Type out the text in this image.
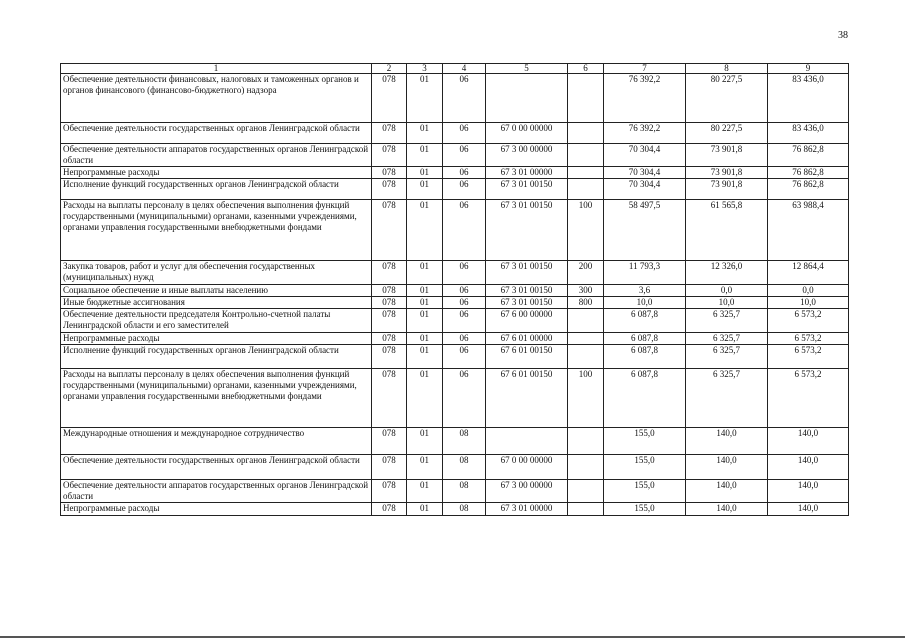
38
1	2	3	4	5	6	7	8	9
Обеспечение деятельности финансовых, налоговых и таможенных органов и органов финансового (финансово-бюджетного) надзора	078	01	06			76 392,2	80 227,5	83 436,0
Обеспечение деятельности государственных органов Ленинградской области	078	01	06	67 0 00 00000		76 392,2	80 227,5	83 436,0
Обеспечение деятельности аппаратов государственных органов Ленинградской области	078	01	06	67 3 00 00000		70 304,4	73 901,8	76 862,8
Непрограммные расходы	078	01	06	67 3 01 00000		70 304,4	73 901,8	76 862,8
Исполнение функций государственных органов Ленинградской области	078	01	06	67 3 01 00150		70 304,4	73 901,8	76 862,8
Расходы на выплаты персоналу в целях обеспечения выполнения функций государственными (муниципальными) органами, казенными учреждениями, органами управления государственными внебюджетными фондами	078	01	06	67 3 01 00150	100	58 497,5	61 565,8	63 988,4
Закупка товаров, работ и услуг для обеспечения государственных (муниципальных) нужд	078	01	06	67 3 01 00150	200	11 793,3	12 326,0	12 864,4
Социальное обеспечение и иные выплаты населению	078	01	06	67 3 01 00150	300	3,6	0,0	0,0
Иные бюджетные ассигнования	078	01	06	67 3 01 00150	800	10,0	10,0	10,0
Обеспечение деятельности председателя Контрольно-счетной палаты Ленинградской области и его заместителей	078	01	06	67 6 00 00000		6 087,8	6 325,7	6 573,2
Непрограммные расходы	078	01	06	67 6 01 00000		6 087,8	6 325,7	6 573,2
Исполнение функций государственных органов Ленинградской области	078	01	06	67 6 01 00150		6 087,8	6 325,7	6 573,2
Расходы на выплаты персоналу в целях обеспечения выполнения функций государственными (муниципальными) органами, казенными учреждениями, органами управления государственными внебюджетными фондами	078	01	06	67 6 01 00150	100	6 087,8	6 325,7	6 573,2
Международные отношения и международное сотрудничество	078	01	08			155,0	140,0	140,0
Обеспечение деятельности государственных органов Ленинградской области	078	01	08	67 0 00 00000		155,0	140,0	140,0
Обеспечение деятельности аппаратов государственных органов Ленинградской области	078	01	08	67 3 00 00000		155,0	140,0	140,0
Непрограммные расходы	078	01	08	67 3 01 00000		155,0	140,0	140,0
